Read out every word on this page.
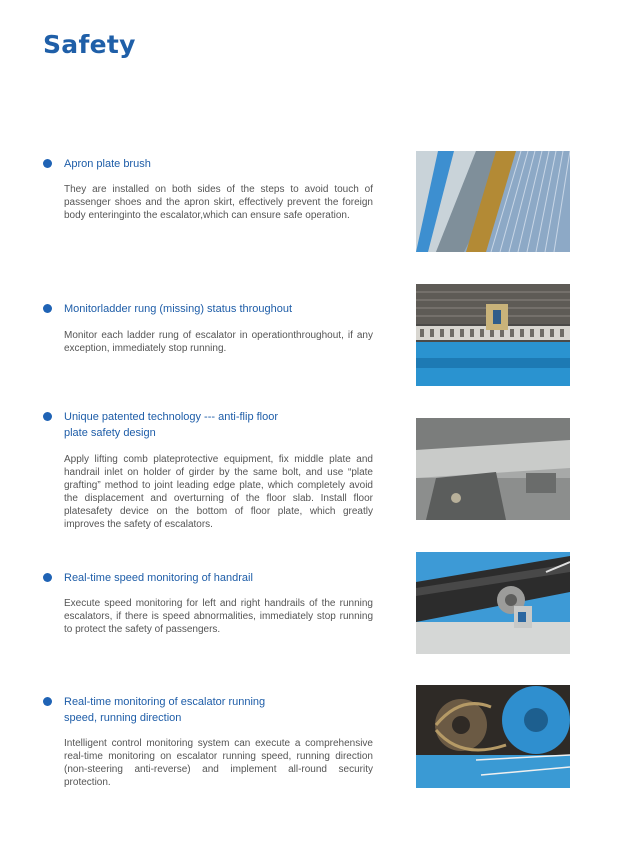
Safety
Apron plate brush
They are installed on both sides of the steps to avoid touch of passenger shoes and the apron skirt, effectively prevent the foreign body enteringinto the escalator,which can ensure safe operation.
Monitorladder rung (missing) status throughout
Monitor each ladder rung of escalator in operationthroughout, if any exception, immediately stop running.
Unique patented technology --- anti-flip floor
plate safety design
Apply lifting comb plateprotective equipment, fix middle plate and handrail inlet on holder of girder by the same bolt, and use “plate grafting” method to joint leading edge plate, which completely avoid the displacement and overturning of the floor slab. Install floor platesafety device on the bottom of floor plate, which greatly improves the safety of escalators.
Real-time speed monitoring of handrail
Execute speed monitoring for left and right handrails of the running escalators, if there is speed abnormalities, immediately stop running to protect the safety of passengers.
Real-time monitoring of escalator running
speed, running direction
Intelligent control monitoring system can execute a comprehensive real-time monitoring on escalator running speed, running direction (non-steering anti-reverse) and implement all-round security protection.
